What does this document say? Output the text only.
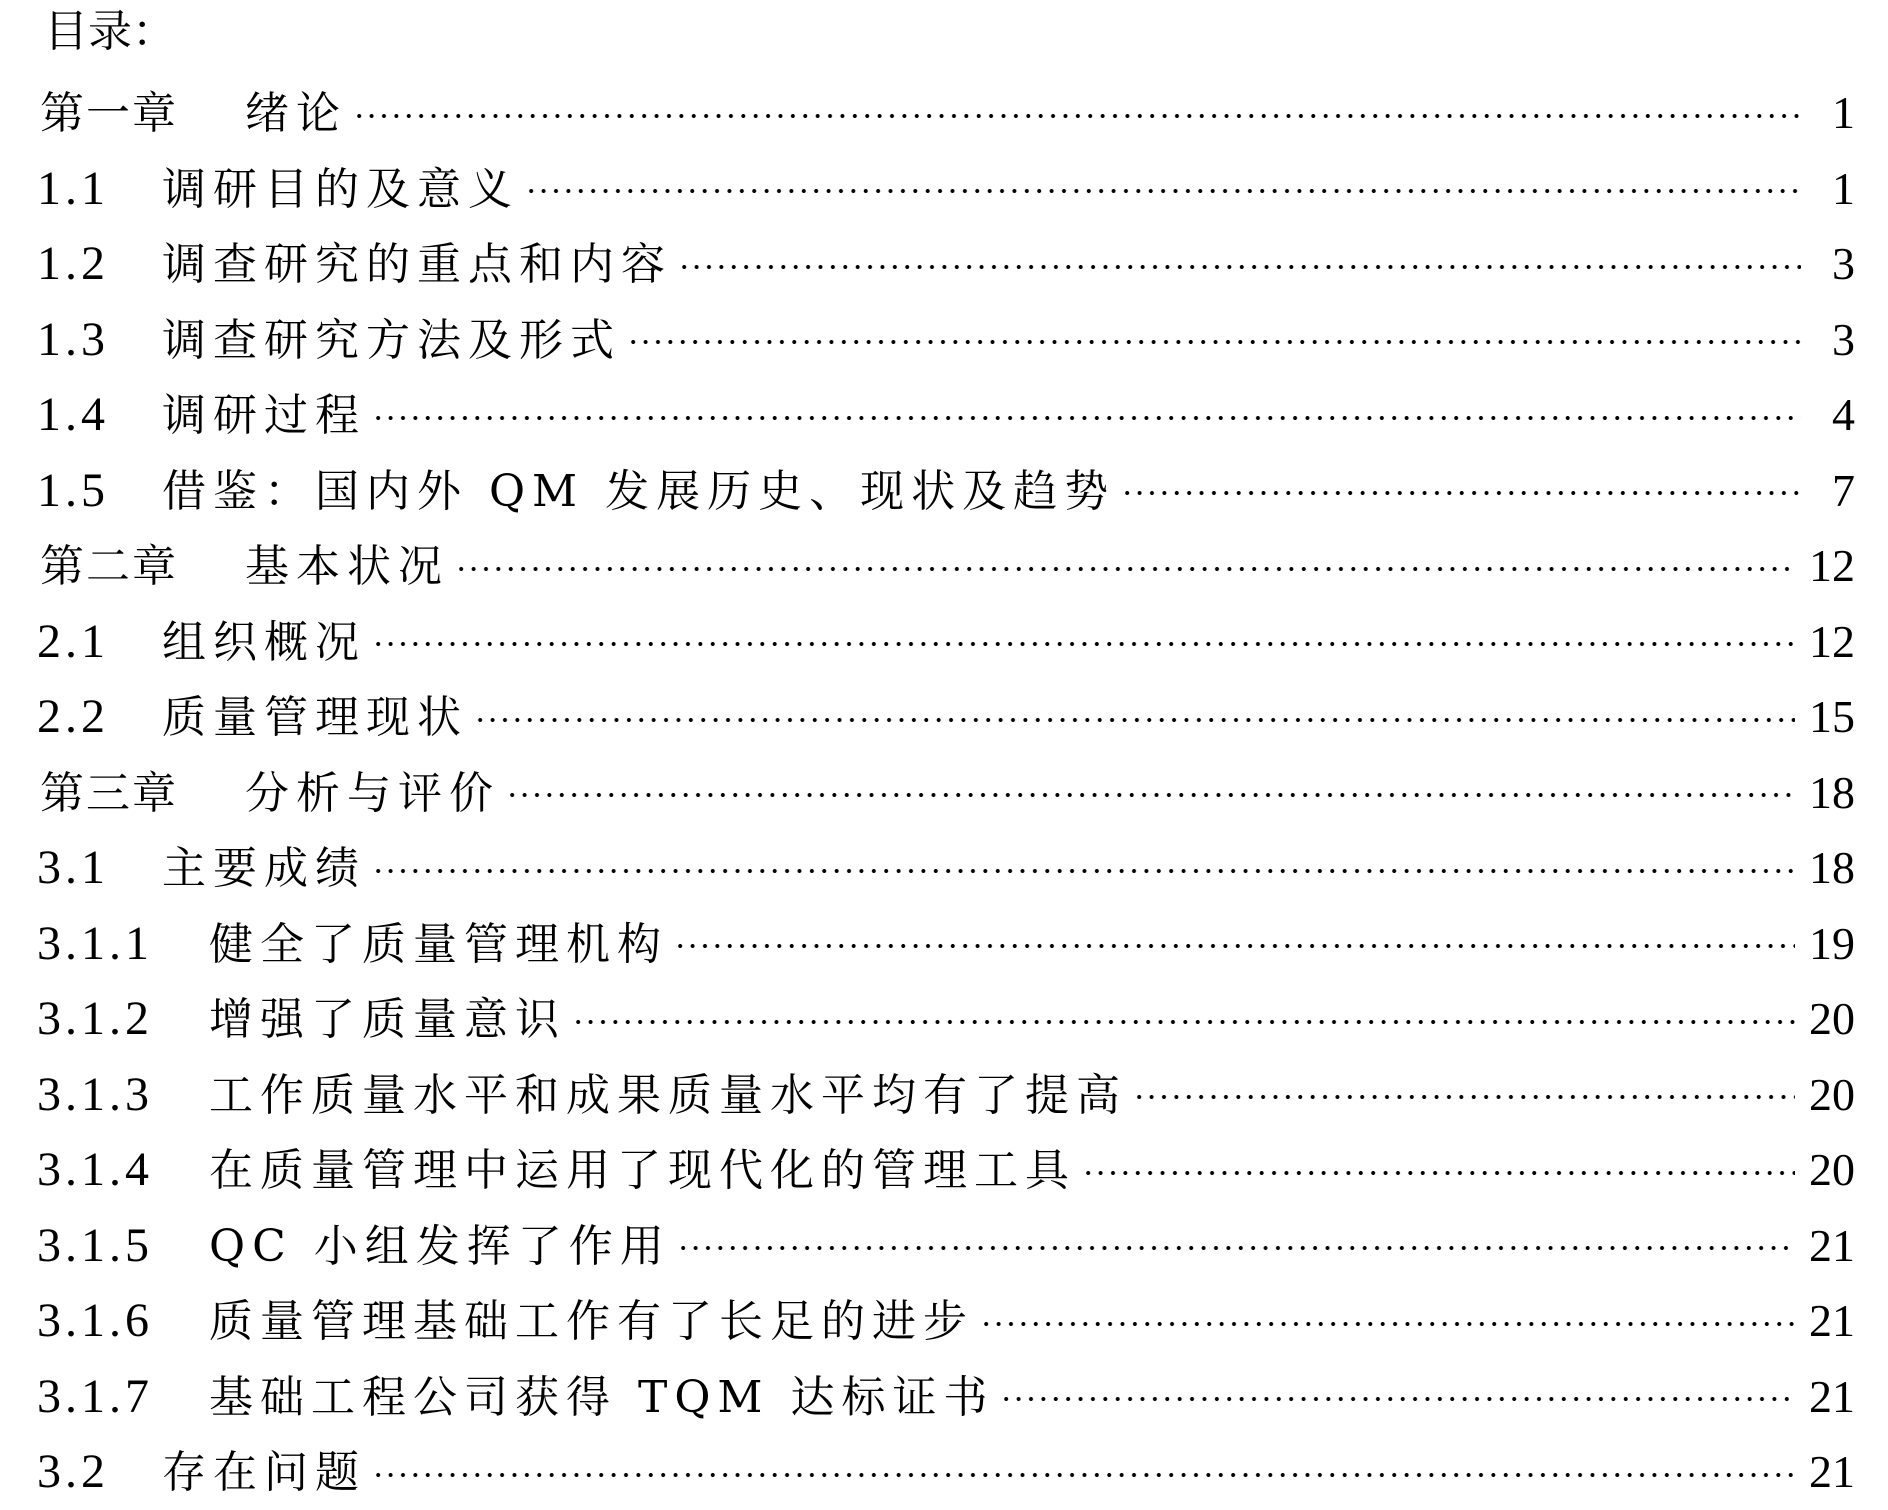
目录：
第一章	绪论	1
1.1	调研目的及意义	1
1.2	调查研究的重点和内容	3
1.3	调查研究方法及形式	3
1.4	调研过程	4
1.5	借鉴：国内外 QM 发展历史、现状及趋势	7
第二章	基本状况	12
2.1	组织概况	12
2.2	质量管理现状	15
第三章	分析与评价	18
3.1	主要成绩	18
3.1.1	健全了质量管理机构	19
3.1.2	增强了质量意识	20
3.1.3	工作质量水平和成果质量水平均有了提高	20
3.1.4	在质量管理中运用了现代化的管理工具	20
3.1.5	QC 小组发挥了作用	21
3.1.6	质量管理基础工作有了长足的进步	21
3.1.7	基础工程公司获得 TQM 达标证书	21
3.2	存在问题	21
